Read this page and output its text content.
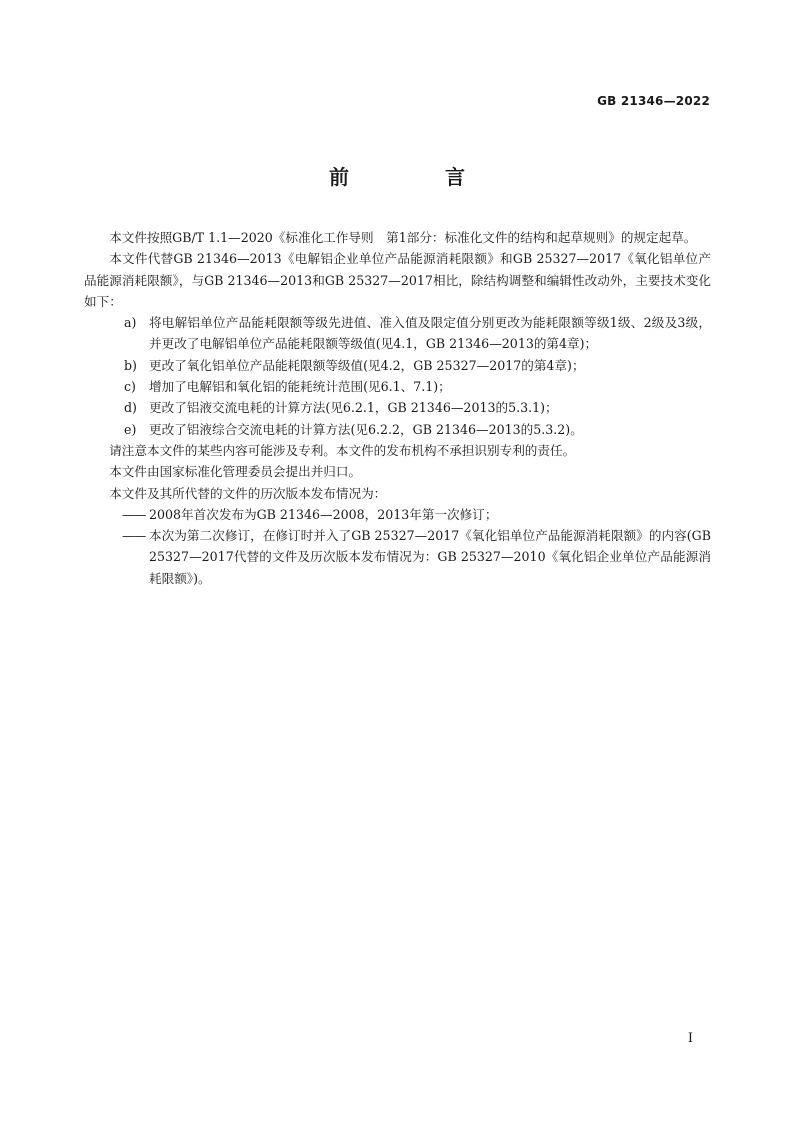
GB 21346—2022
前　言

本文件按照GB/T 1.1—2020《标准化工作导则　第1部分：标准化文件的结构和起草规则》的规定起草。

本文件代替GB 21346—2013《电解铝企业单位产品能源消耗限额》和GB 25327—2017《氧化铝单位产品能源消耗限额》，与GB 21346—2013和GB 25327—2017相比，除结构调整和编辑性改动外，主要技术变化如下：

a) 将电解铝单位产品能耗限额等级先进值、准入值及限定值分别更改为能耗限额等级1级、2级及3级，并更改了电解铝单位产品能耗限额等级值(见4.1，GB 21346—2013的第4章)；

b) 更改了氧化铝单位产品能耗限额等级值(见4.2，GB 25327—2017的第4章)；

c) 增加了电解铝和氧化铝的能耗统计范围(见6.1、7.1)；

d) 更改了铝液交流电耗的计算方法(见6.2.1，GB 21346—2013的5.3.1)；

e) 更改了铝液综合交流电耗的计算方法(见6.2.2，GB 21346—2013的5.3.2)。

请注意本文件的某些内容可能涉及专利。本文件的发布机构不承担识别专利的责任。

本文件由国家标准化管理委员会提出并归口。

本文件及其所代替的文件的历次版本发布情况为：

—— 2008年首次发布为GB 21346—2008，2013年第一次修订；

—— 本次为第二次修订，在修订时并入了GB 25327—2017《氧化铝单位产品能源消耗限额》的内容(GB 25327—2017代替的文件及历次版本发布情况为：GB 25327—2010《氧化铝企业单位产品能源消耗限额》)。

I
